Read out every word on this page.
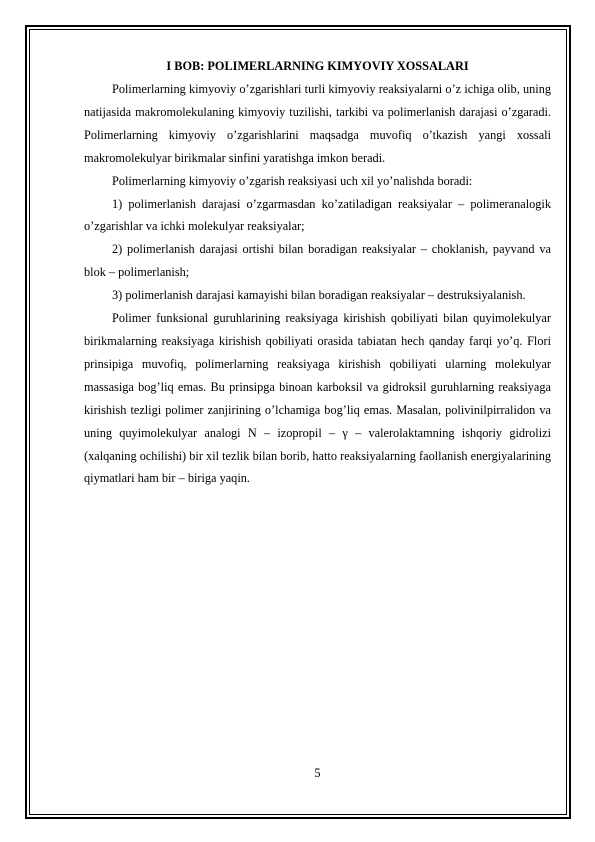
I BOB: POLIMERLARNING KIMYOVIY XOSSALARI

Polimerlarning kimyoviy o’zgarishlari turli kimyoviy reaksiyalarni o’z ichiga olib, uning natijasida makromolekulaning kimyoviy tuzilishi, tarkibi va polimerlanish darajasi o’zgaradi. Polimerlarning kimyoviy o’zgarishlarini maqsadga muvofiq o’tkazish yangi xossali makromolekulyar birikmalar sinfini yaratishga imkon beradi.

Polimerlarning kimyoviy o’zgarish reaksiyasi uch xil yo’nalishda boradi:

1) polimerlanish darajasi o’zgarmasdan ko’zatiladigan reaksiyalar – polimeranalogik o’zgarishlar va ichki molekulyar reaksiyalar;

2) polimerlanish darajasi ortishi bilan boradigan reaksiyalar – choklanish, payvand va blok – polimerlanish;

3) polimerlanish darajasi kamayishi bilan boradigan reaksiyalar – destruksiyalanish.

Polimer funksional guruhlarining reaksiyaga kirishish qobiliyati bilan quyimolekulyar birikmalarning reaksiyaga kirishish qobiliyati orasida tabiatan hech qanday farqi yo’q. Flori prinsipiga muvofiq, polimerlarning reaksiyaga kirishish qobiliyati ularning molekulyar massasiga bog’liq emas. Bu prinsipga binoan karboksil va gidroksil guruhlarning reaksiyaga kirishish tezligi polimer zanjirining o’lchamiga bog’liq emas. Masalan, polivinilpirralidon va uning quyimolekulyar analogi N – izopropil – γ – valerolaktamning ishqoriy gidrolizi (xalqaning ochilishi) bir xil tezlik bilan borib, hatto reaksiyalarning faollanish energiyalarining qiymatlari ham bir – biriga yaqin.

5
